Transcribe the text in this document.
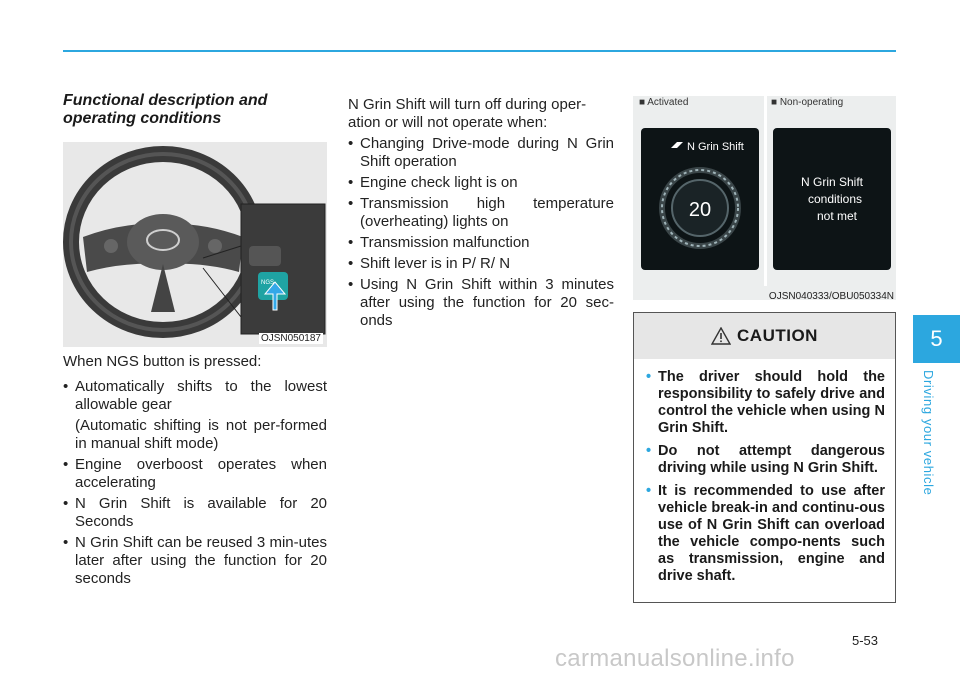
Functional description and operating conditions

NGS
OJSN050187
When NGS button is pressed:
• Automatically shifts to the lowest allowable gear
(Automatic shifting is not per-formed in manual shift mode)
• Engine overboost operates when accelerating
• N Grin Shift is available for 20 Seconds
• N Grin Shift can be reused 3 min-utes later after using the function for 20 seconds

N Grin Shift will turn off during oper-ation or will not operate when:

• Changing Drive-mode during N Grin Shift operation
• Engine check light is on
• Transmission high temperature (overheating) lights on
• Transmission malfunction
• Shift lever is in P/ R/ N
• Using N Grin Shift within 3 minutes after using the function for 20 sec-onds
■ Activated	■ Non-operating
N Grin Shift
20
N Grin Shift
conditions
not met
OJSN040333/OBU050334N
CAUTION
• The driver should hold the responsibility to safely drive and control the vehicle when using N Grin Shift.
• Do not attempt dangerous driving while using N Grin Shift.
• It is recommended to use after vehicle break-in and continu-ous use of N Grin Shift can overload the vehicle compo-nents such as transmission, engine and drive shaft.
5
Driving your vehicle
5-53
carmanualsonline.info
